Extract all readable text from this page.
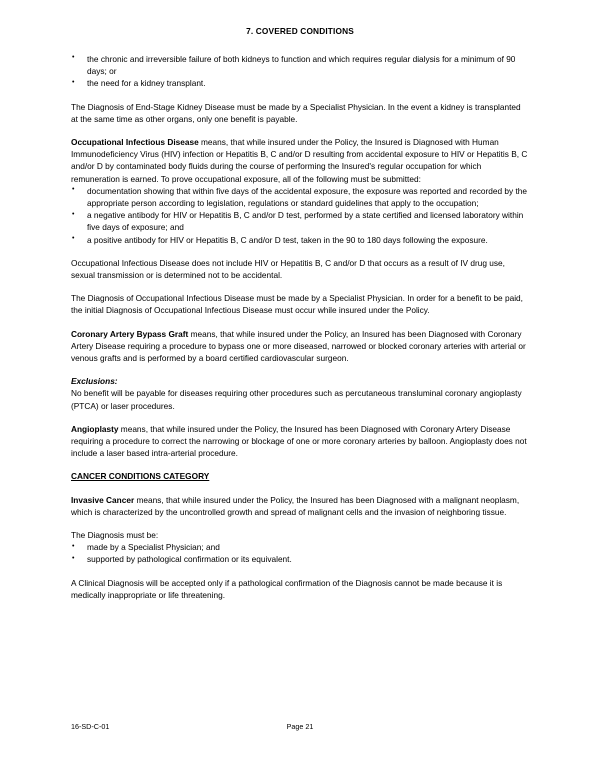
7. COVERED CONDITIONS
• the chronic and irreversible failure of both kidneys to function and which requires regular dialysis for a minimum of 90 days; or
• the need for a kidney transplant.

The Diagnosis of End-Stage Kidney Disease must be made by a Specialist Physician. In the event a kidney is transplanted at the same time as other organs, only one benefit is payable.

Occupational Infectious Disease means, that while insured under the Policy, the Insured is Diagnosed with Human Immunodeficiency Virus (HIV) infection or Hepatitis B, C and/or D resulting from accidental exposure to HIV or Hepatitis B, C and/or D by contaminated body fluids during the course of performing the Insured's regular occupation for which remuneration is earned. To prove occupational exposure, all of the following must be submitted:

• documentation showing that within five days of the accidental exposure, the exposure was reported and recorded by the appropriate person according to legislation, regulations or standard guidelines that apply to the occupation;
• a negative antibody for HIV or Hepatitis B, C and/or D test, performed by a state certified and licensed laboratory within five days of exposure; and
• a positive antibody for HIV or Hepatitis B, C and/or D test, taken in the 90 to 180 days following the exposure.

Occupational Infectious Disease does not include HIV or Hepatitis B, C and/or D that occurs as a result of IV drug use, sexual transmission or is determined not to be accidental.

The Diagnosis of Occupational Infectious Disease must be made by a Specialist Physician. In order for a benefit to be paid, the initial Diagnosis of Occupational Infectious Disease must occur while insured under the Policy.

Coronary Artery Bypass Graft means, that while insured under the Policy, an Insured has been Diagnosed with Coronary Artery Disease requiring a procedure to bypass one or more diseased, narrowed or blocked coronary arteries with arterial or venous grafts and is performed by a board certified cardiovascular surgeon.

Exclusions:

No benefit will be payable for diseases requiring other procedures such as percutaneous transluminal coronary angioplasty (PTCA) or laser procedures.

Angioplasty means, that while insured under the Policy, the Insured has been Diagnosed with Coronary Artery Disease requiring a procedure to correct the narrowing or blockage of one or more coronary arteries by balloon. Angioplasty does not include a laser based intra-arterial procedure.

CANCER CONDITIONS CATEGORY

Invasive Cancer means, that while insured under the Policy, the Insured has been Diagnosed with a malignant neoplasm, which is characterized by the uncontrolled growth and spread of malignant cells and the invasion of neighboring tissue.

The Diagnosis must be:

• made by a Specialist Physician; and
• supported by pathological confirmation or its equivalent.

A Clinical Diagnosis will be accepted only if a pathological confirmation of the Diagnosis cannot be made because it is medically inappropriate or life threatening.

16-SD-C-01	Page 21
